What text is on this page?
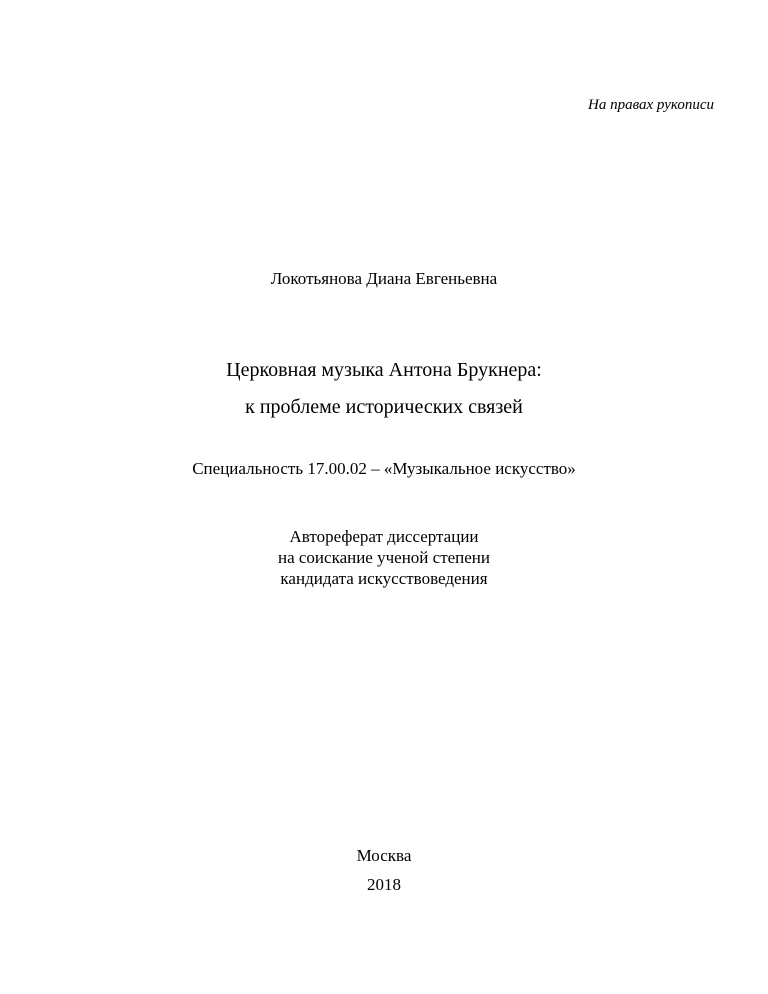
На правах рукописи
Локотьянова Диана Евгеньевна
Церковная музыка Антона Брукнера:
к проблеме исторических связей
Специальность 17.00.02 – «Музыкальное искусство»
Автореферат диссертации
на соискание ученой степени
кандидата искусствоведения
Москва
2018
